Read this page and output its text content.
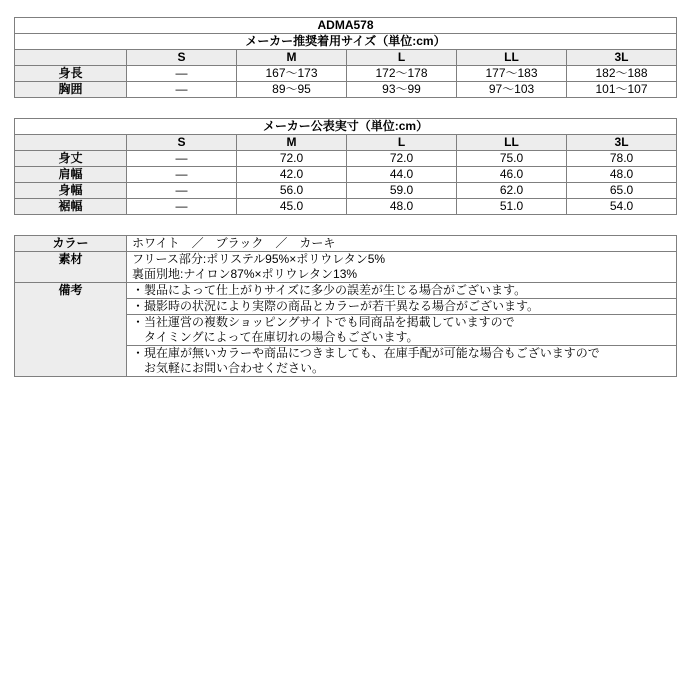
ADMA578					
メーカー推奨着用サイズ（単位:cm）					
	S	M	L	LL	3L
身長	―	167～173	172～178	177～183	182～188
胸囲	―	89～95	93～99	97～103	101～107
メーカー公表実寸（単位:cm）					
	S	M	L	LL	3L
身丈	―	72.0	72.0	75.0	78.0
肩幅	―	42.0	44.0	46.0	48.0
身幅	―	56.0	59.0	62.0	65.0
裾幅	―	45.0	48.0	51.0	54.0
カラー	ホワイト　／　ブラック　／　カーキ
素材	フリース部分:ポリステル95%×ポリウレタン5%
裏面別地:ナイロン87%×ポリウレタン13%

備考	・製品によって仕上がりサイズに多少の誤差が生じる場合がございます。

	・撮影時の状況により実際の商品とカラーが若干異なる場合がございます。

	・当社運営の複数ショッピングサイトでも同商品を掲載していますので
　タイミングによって在庫切れの場合もございます。

	・現在庫が無いカラーや商品につきましても、在庫手配が可能な場合もございますので
　お気軽にお問い合わせください。
